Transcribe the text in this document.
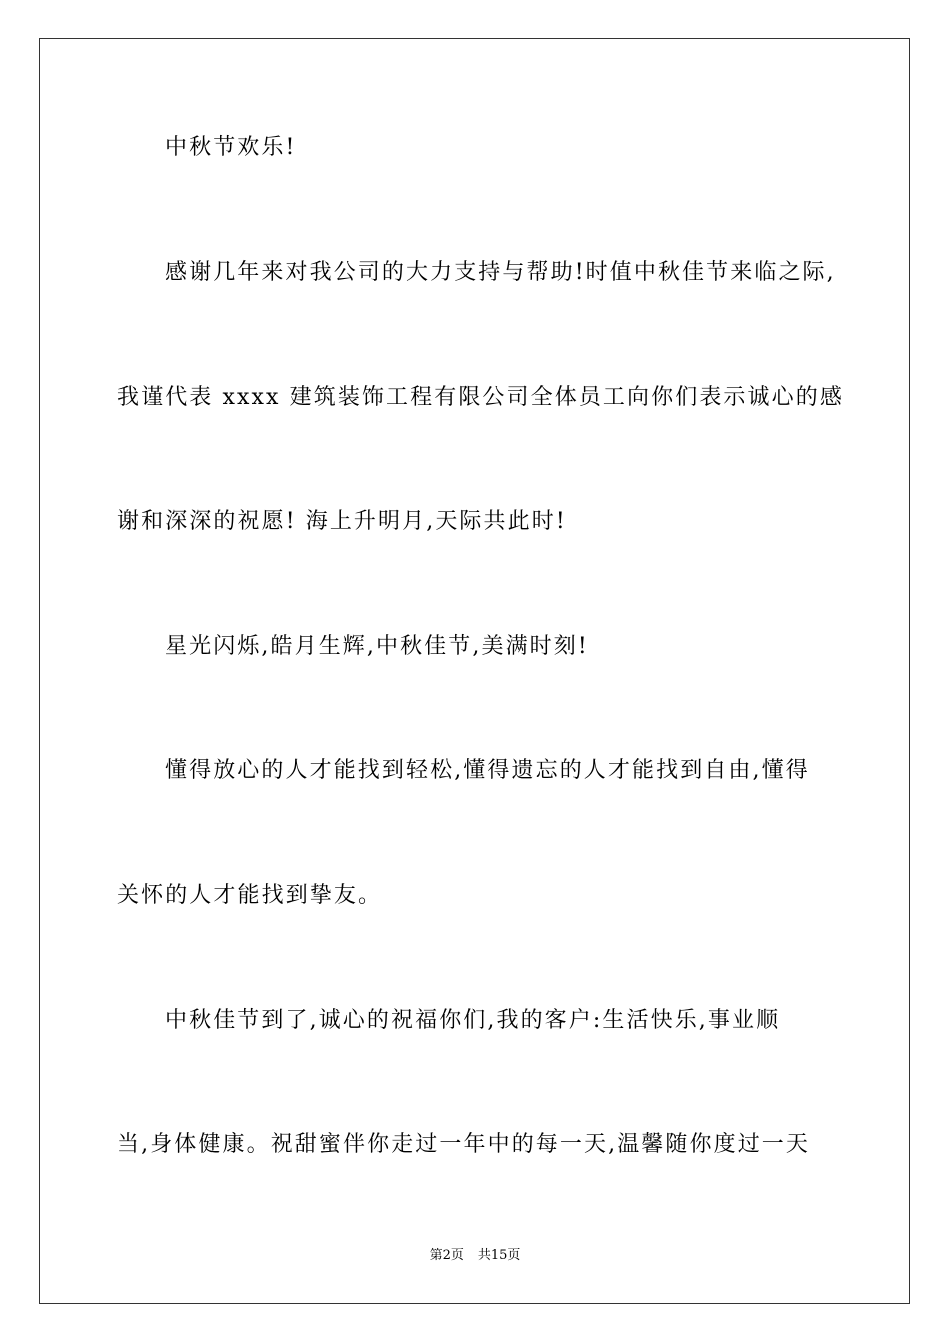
中秋节欢乐!
感谢几年来对我公司的大力支持与帮助!时值中秋佳节来临之际,
我谨代表 xxxx 建筑装饰工程有限公司全体员工向你们表示诚心的感
谢和深深的祝愿! 海上升明月,天际共此时!
星光闪烁,皓月生辉,中秋佳节,美满时刻!
懂得放心的人才能找到轻松,懂得遗忘的人才能找到自由,懂得
关怀的人才能找到挚友。
中秋佳节到了,诚心的祝福你们,我的客户:生活快乐,事业顺
当,身体健康。祝甜蜜伴你走过一年中的每一天,温馨随你度过一天
第2页 共15页
